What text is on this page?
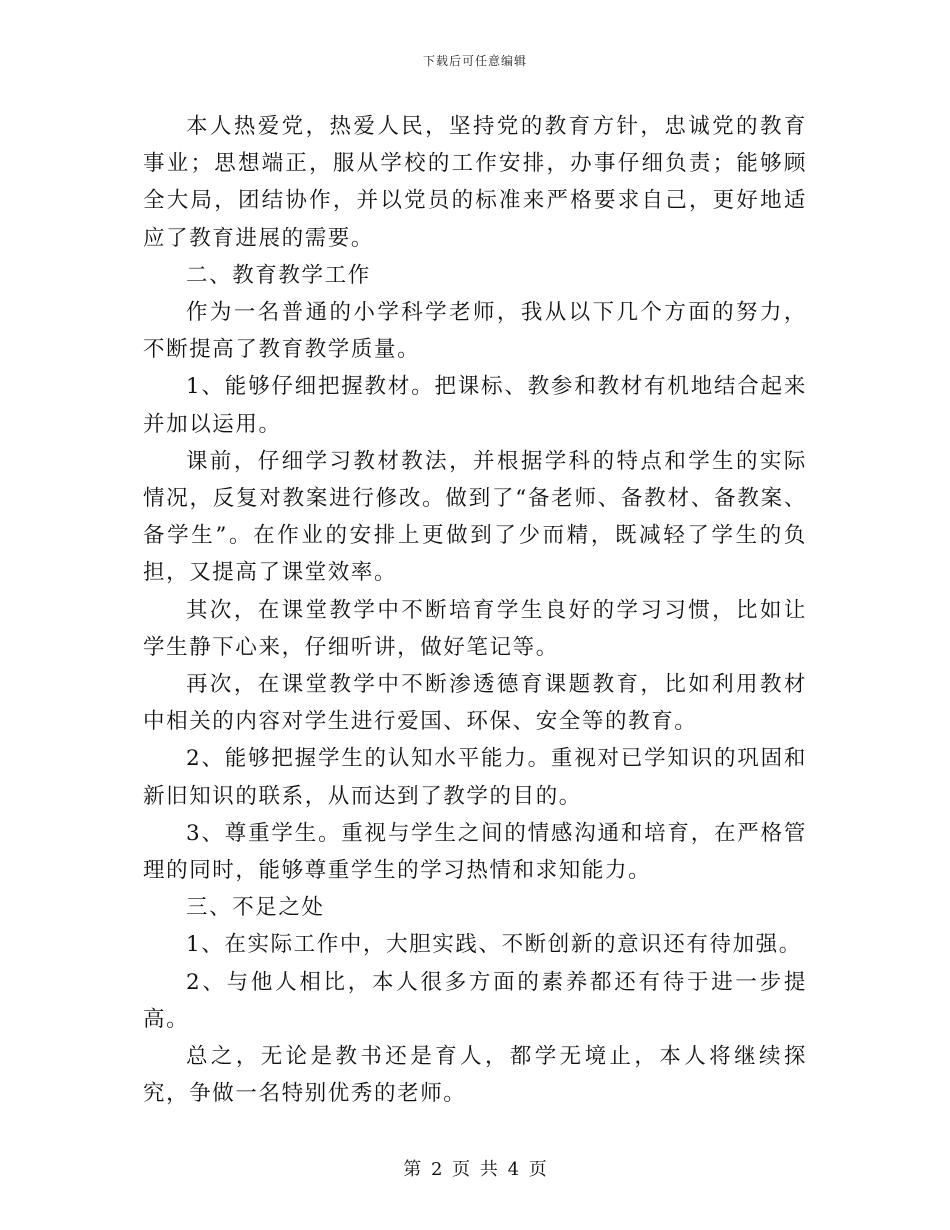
下载后可任意编辑

本人热爱党，热爱人民，坚持党的教育方针，忠诚党的教育事业；思想端正，服从学校的工作安排，办事仔细负责；能够顾全大局，团结协作，并以党员的标准来严格要求自己，更好地适应了教育进展的需要。

二、教育教学工作

作为一名普通的小学科学老师，我从以下几个方面的努力，不断提高了教育教学质量。

1、能够仔细把握教材。把课标、教参和教材有机地结合起来并加以运用。

课前，仔细学习教材教法，并根据学科的特点和学生的实际情况，反复对教案进行修改。做到了“备老师、备教材、备教案、备学生”。在作业的安排上更做到了少而精，既减轻了学生的负担，又提高了课堂效率。

其次，在课堂教学中不断培育学生良好的学习习惯，比如让学生静下心来，仔细听讲，做好笔记等。

再次，在课堂教学中不断渗透德育课题教育，比如利用教材中相关的内容对学生进行爱国、环保、安全等的教育。

2、能够把握学生的认知水平能力。重视对已学知识的巩固和新旧知识的联系，从而达到了教学的目的。

3、尊重学生。重视与学生之间的情感沟通和培育，在严格管理的同时，能够尊重学生的学习热情和求知能力。

三、不足之处

1、在实际工作中，大胆实践、不断创新的意识还有待加强。

2、与他人相比，本人很多方面的素养都还有待于进一步提高。

总之，无论是教书还是育人，都学无境止，本人将继续探究，争做一名特别优秀的老师。

第 2 页 共 4 页
